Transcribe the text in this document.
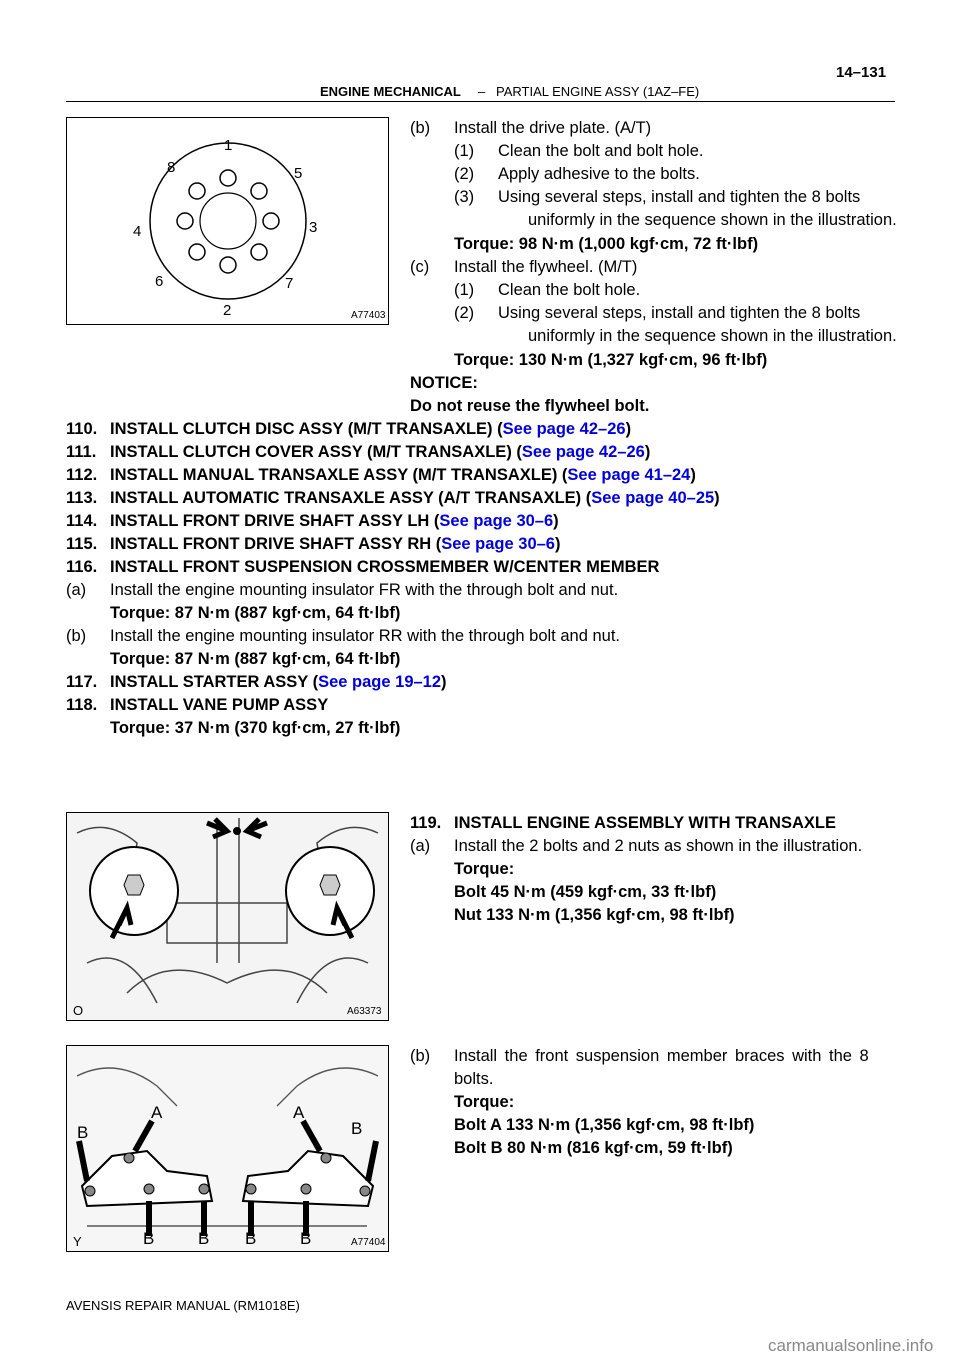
ENGINE MECHANICAL – PARTIAL ENGINE ASSY (1AZ–FE)
14–131
1
2
3
4
5
6	7
8
A77403
(b) Install the drive plate. (A/T)
(1) Clean the bolt and bolt hole.
(2) Apply adhesive to the bolts.
(3) Using several steps, install and tighten the 8 bolts
uniformly in the sequence shown in the illustration.
Torque: 98 N·m (1,000 kgf·cm, 72 ft·lbf)
(c) Install the flywheel. (M/T)
(1) Clean the bolt hole.
(2) Using several steps, install and tighten the 8 bolts
uniformly in the sequence shown in the illustration.
Torque: 130 N·m (1,327 kgf·cm, 96 ft·lbf)
NOTICE:
Do not reuse the flywheel bolt.
110. INSTALL CLUTCH DISC ASSY (M/T TRANSAXLE) (See page 42–26)
111. INSTALL CLUTCH COVER ASSY (M/T TRANSAXLE) (See page 42–26)
112. INSTALL MANUAL TRANSAXLE ASSY (M/T TRANSAXLE) (See page 41–24)
113. INSTALL AUTOMATIC TRANSAXLE ASSY (A/T TRANSAXLE) (See page 40–25)
114. INSTALL FRONT DRIVE SHAFT ASSY LH (See page 30–6)
115. INSTALL FRONT DRIVE SHAFT ASSY RH (See page 30–6)
116. INSTALL FRONT SUSPENSION CROSSMEMBER W/CENTER MEMBER
(a) Install the engine mounting insulator FR with the through bolt and nut.
Torque: 87 N·m (887 kgf·cm, 64 ft·lbf)
(b) Install the engine mounting insulator RR with the through bolt and nut.
Torque: 87 N·m (887 kgf·cm, 64 ft·lbf)
117. INSTALL STARTER ASSY (See page 19–12)
118. INSTALL VANE PUMP ASSY
Torque: 37 N·m (370 kgf·cm, 27 ft·lbf)
O	A63373
119. INSTALL ENGINE ASSEMBLY WITH TRANSAXLE
(a) Install the 2 bolts and 2 nuts as shown in the illustration.
Torque:
Bolt 45 N·m (459 kgf·cm, 33 ft·lbf)
Nut 133 N·m (1,356 kgf·cm, 98 ft·lbf)
A	A
B	B
B	B B	B
Y	A77404
(b) Install the front suspension member braces with the 8
bolts.
Torque:
Bolt A 133 N·m (1,356 kgf·cm, 98 ft·lbf)
Bolt B 80 N·m (816 kgf·cm, 59 ft·lbf)
AVENSIS REPAIR MANUAL (RM1018E)
carmanualsonline.info
